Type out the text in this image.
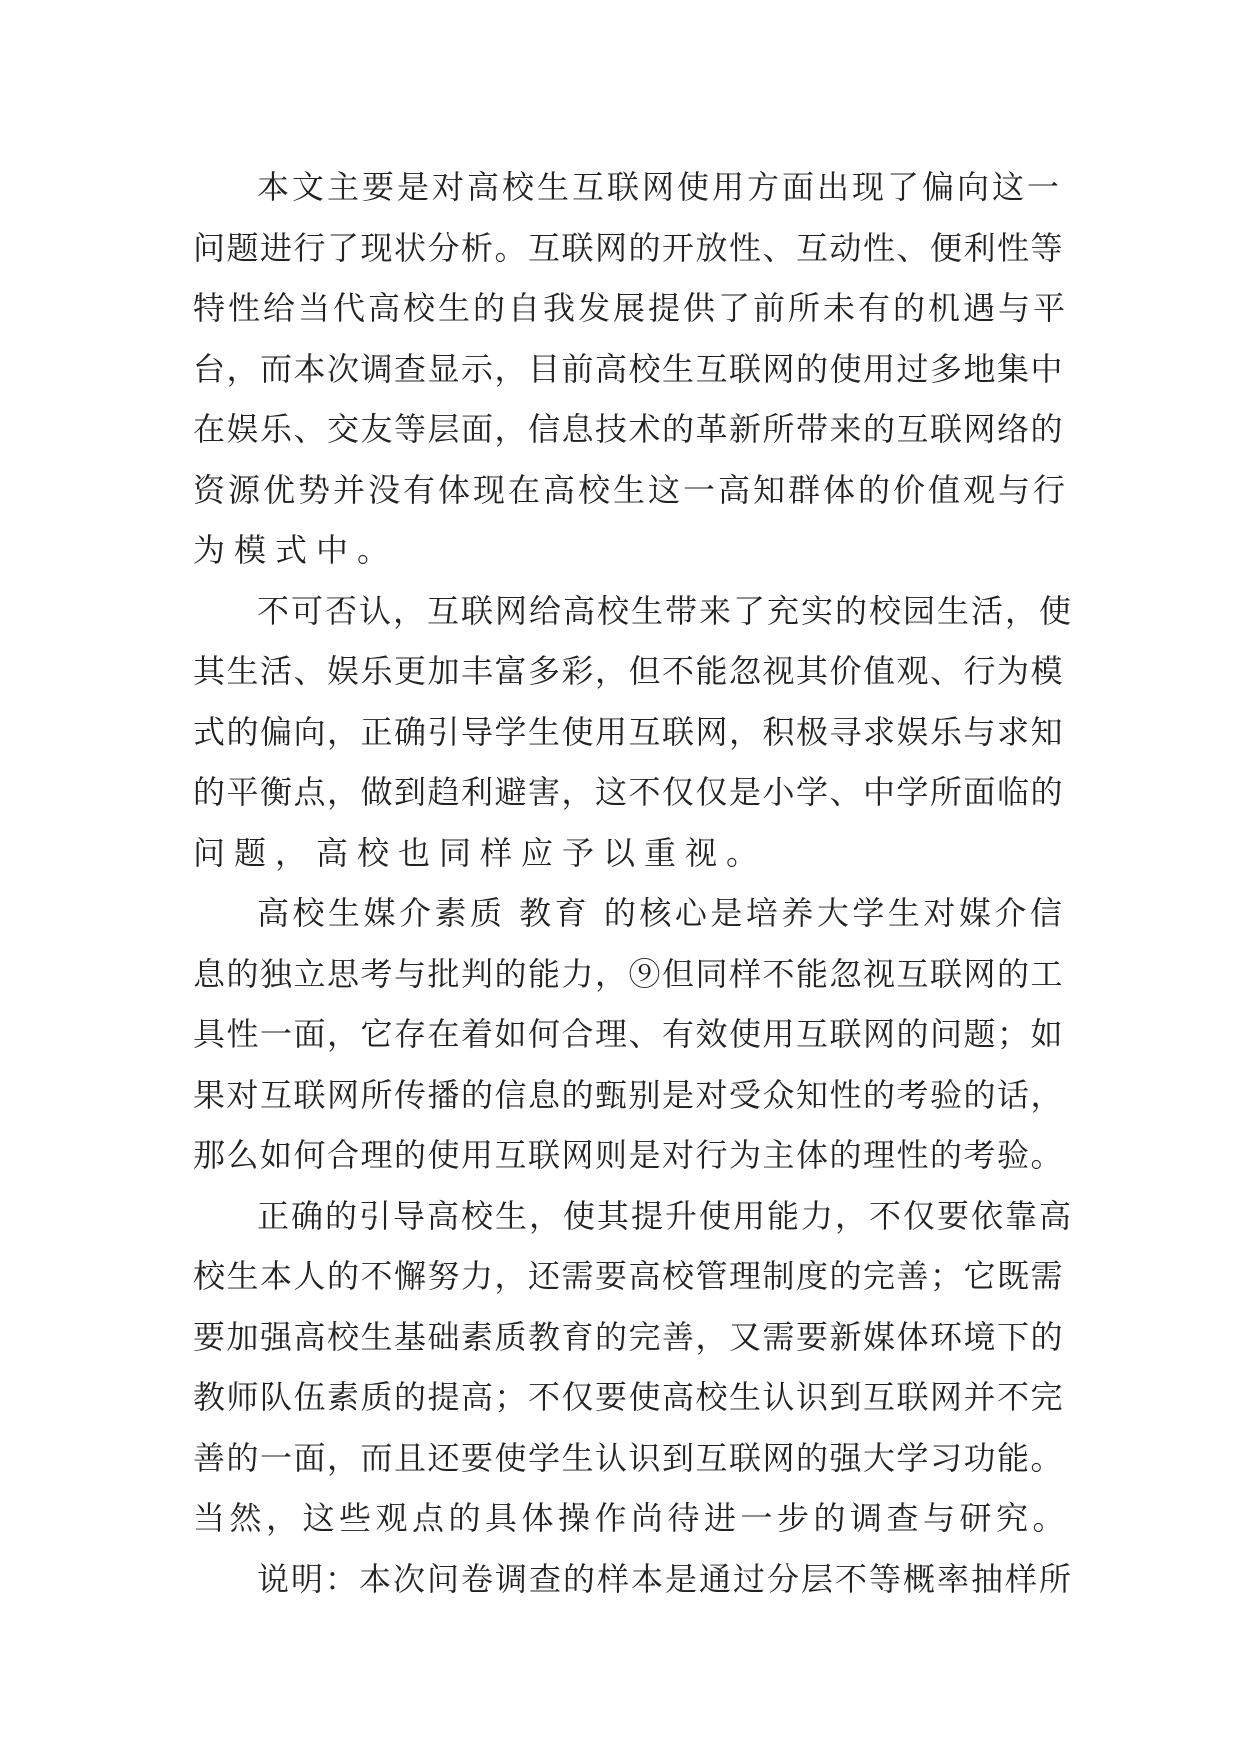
本文主要是对高校生互联网使用方面出现了偏向这一
问题进行了现状分析。互联网的开放性、互动性、便利性等
特性给当代高校生的自我发展提供了前所未有的机遇与平
台，而本次调查显示，目前高校生互联网的使用过多地集中
在娱乐、交友等层面，信息技术的革新所带来的互联网络的
资源优势并没有体现在高校生这一高知群体的价值观与行
为模式中。
不可否认，互联网给高校生带来了充实的校园生活，使
其生活、娱乐更加丰富多彩，但不能忽视其价值观、行为模
式的偏向，正确引导学生使用互联网，积极寻求娱乐与求知
的平衡点，做到趋利避害，这不仅仅是小学、中学所面临的
问题，高校也同样应予以重视。
高校生媒介素质 教育 的核心是培养大学生对媒介信
息的独立思考与批判的能力，⑨但同样不能忽视互联网的工
具性一面，它存在着如何合理、有效使用互联网的问题；如
果对互联网所传播的信息的甄别是对受众知性的考验的话，
那么如何合理的使用互联网则是对行为主体的理性的考验。
正确的引导高校生，使其提升使用能力，不仅要依靠高
校生本人的不懈努力，还需要高校管理制度的完善；它既需
要加强高校生基础素质教育的完善，又需要新媒体环境下的
教师队伍素质的提高；不仅要使高校生认识到互联网并不完
善的一面，而且还要使学生认识到互联网的强大学习功能。
当然，这些观点的具体操作尚待进一步的调查与研究。
说明：本次问卷调查的样本是通过分层不等概率抽样所
